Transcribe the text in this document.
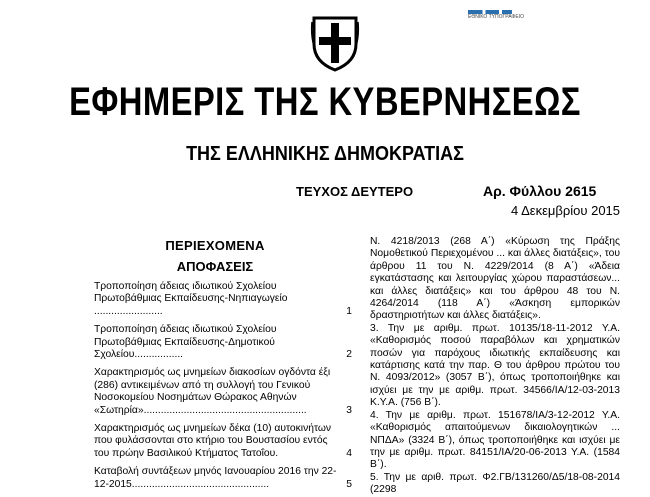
ΕΘΝΙΚΟ ΤΥΠΟΓΡΑΦΕΙΟ
ΕΦΗΜΕΡΙΣ ΤΗΣ ΚΥΒΕΡΝΗΣΕΩΣ
ΤΗΣ ΕΛΛΗΝΙΚΗΣ ΔΗΜΟΚΡΑΤΙΑΣ
ΤΕΥΧΟΣ ΔΕΥΤΕΡΟ	Αρ. Φύλλου 2615
4 Δεκεμβρίου 2015
ΠΕΡΙΕΧΟΜΕΝΑ
ΑΠΟΦΑΣΕΙΣ
Τροποποίηση άδειας ιδιωτικού Σχολείου Πρωτοβάθμιας Εκπαίδευσης-Νηπιαγωγείο ........................	1
Τροποποίηση άδειας ιδιωτικού Σχολείου Πρωτοβάθμιας Εκπαίδευσης-Δημοτικού Σχολείου.................	2
Χαρακτηρισμός ως μνημείων διακοσίων ογδόντα έξι (286) αντικειμένων από τη συλλογή του Γενικού Νοσοκομείου Νοσημάτων Θώρακος Αθηνών «Σωτηρία».........................................................	3
Χαρακτηρισμός ως μνημείων δέκα (10) αυτοκινήτων που φυλάσσονται στο κτήριο του Βουστασίου εντός του πρώην Βασιλικού Κτήματος Τατοΐου.	4
Καταβολή συντάξεων μηνός Ιανουαρίου 2016 την 22-12-2015................................................	5

Ν. 4218/2013 (268 Α΄) «Κύρωση της Πράξης Νομοθετικού Περιεχομένου ... και άλλες διατάξεις», του άρθρου 11 του Ν. 4229/2014 (8 Α΄) «Άδεια εγκατάστασης και λειτουργίας χώρου παραστάσεων... και άλλες διατάξεις» και του άρθρου 48 του Ν. 4264/2014 (118 Α΄) «Άσκηση εμπορικών δραστηριοτήτων και άλλες διατάξεις».

3. Την με αριθμ. πρωτ. 10135/18-11-2012 Υ.Α. «Καθορισμός ποσού παραβόλων και χρηματικών ποσών για παρόχους ιδιωτικής εκπαίδευσης και κατάρτισης κατά την παρ. Θ του άρθρου πρώτου του Ν. 4093/2012» (3057 Β΄), όπως τροποποιήθηκε και ισχύει με την με αριθμ. πρωτ. 34566/ΙΑ/12-03-2013 Κ.Υ.Α. (756 Β΄).

4. Την με αριθμ. πρωτ. 151678/ΙΑ/3-12-2012 Υ.Α. «Καθορισμός απαιτούμενων δικαιολογητικών ... ΝΠΔΑ» (3324 Β΄), όπως τροποποιήθηκε και ισχύει με την με αριθμ. πρωτ. 84151/ΙΑ/20-06-2013 Υ.Α. (1584 Β΄).

5. Την με αριθ. πρωτ. Φ2.ΓΒ/131260/Δ5/18-08-2014 (2298
